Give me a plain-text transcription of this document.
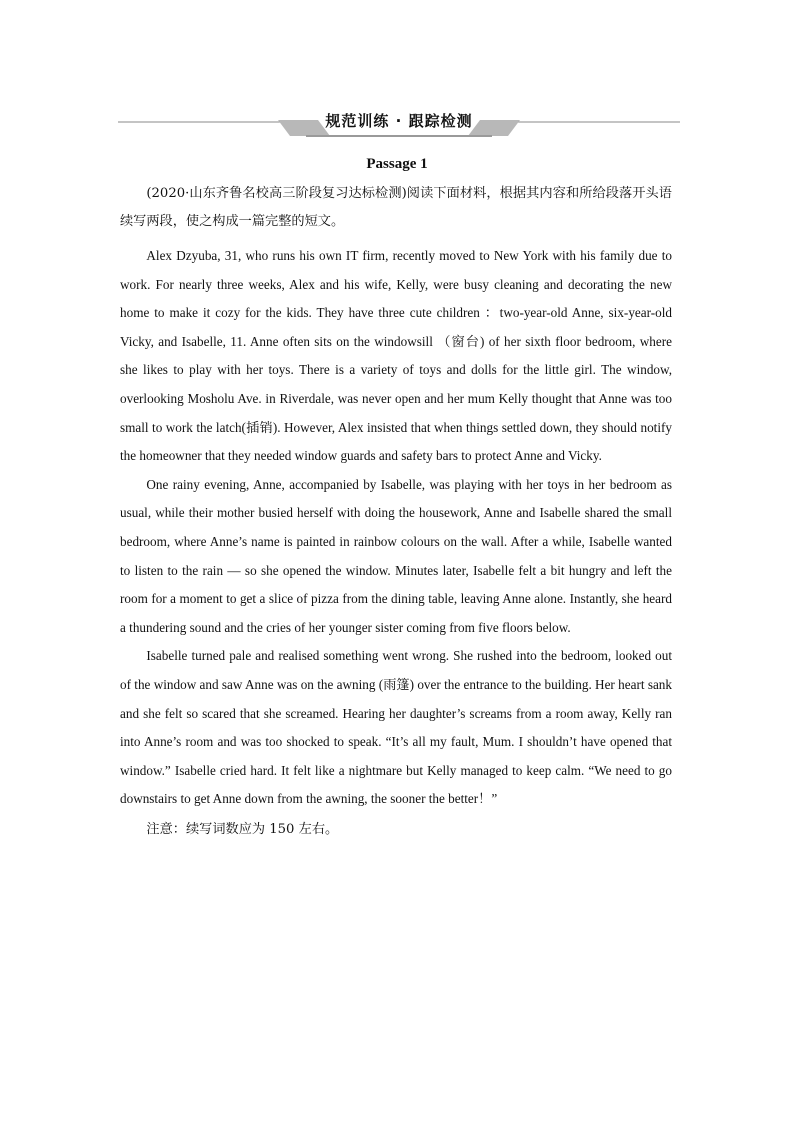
规范训练 · 跟踪检测
Passage 1

(2020·山东齐鲁名校高三阶段复习达标检测)阅读下面材料，根据其内容和所给段落开头语续写两段，使之构成一篇完整的短文。

Alex Dzyuba, 31, who runs his own IT firm, recently moved to New York with his family due to work. For nearly three weeks, Alex and his wife, Kelly, were busy cleaning and decorating the new home to make it cozy for the kids. They have three cute children ：two-year-old Anne, six-year-old Vicky, and Isabelle, 11. Anne often sits on the windowsill （窗台) of her sixth floor bedroom, where she likes to play with her toys. There is a variety of toys and dolls for the little girl. The window, overlooking Mosholu Ave. in Riverdale, was never open and her mum Kelly thought that Anne was too small to work the latch(插销). However, Alex insisted that when things settled down, they should notify the homeowner that they needed window guards and safety bars to protect Anne and Vicky.

One rainy evening, Anne, accompanied by Isabelle, was playing with her toys in her bedroom as usual, while their mother busied herself with doing the housework, Anne and Isabelle shared the small bedroom, where Anne’s name is painted in rainbow colours on the wall. After a while, Isabelle wanted to listen to the rain — so she opened the window. Minutes later, Isabelle felt a bit hungry and left the room for a moment to get a slice of pizza from the dining table, leaving Anne alone. Instantly, she heard a thundering sound and the cries of her younger sister coming from five floors below.

Isabelle turned pale and realised something went wrong. She rushed into the bedroom, looked out of the window and saw Anne was on the awning (雨篷) over the entrance to the building. Her heart sank and she felt so scared that she screamed. Hearing her daughter’s screams from a room away, Kelly ran into Anne’s room and was too shocked to speak. “It’s all my fault, Mum. I shouldn’t have opened that window.” Isabelle cried hard. It felt like a nightmare but Kelly managed to keep calm. “We need to go downstairs to get Anne down from the awning, the sooner the better！”

注意：续写词数应为 150 左右。
